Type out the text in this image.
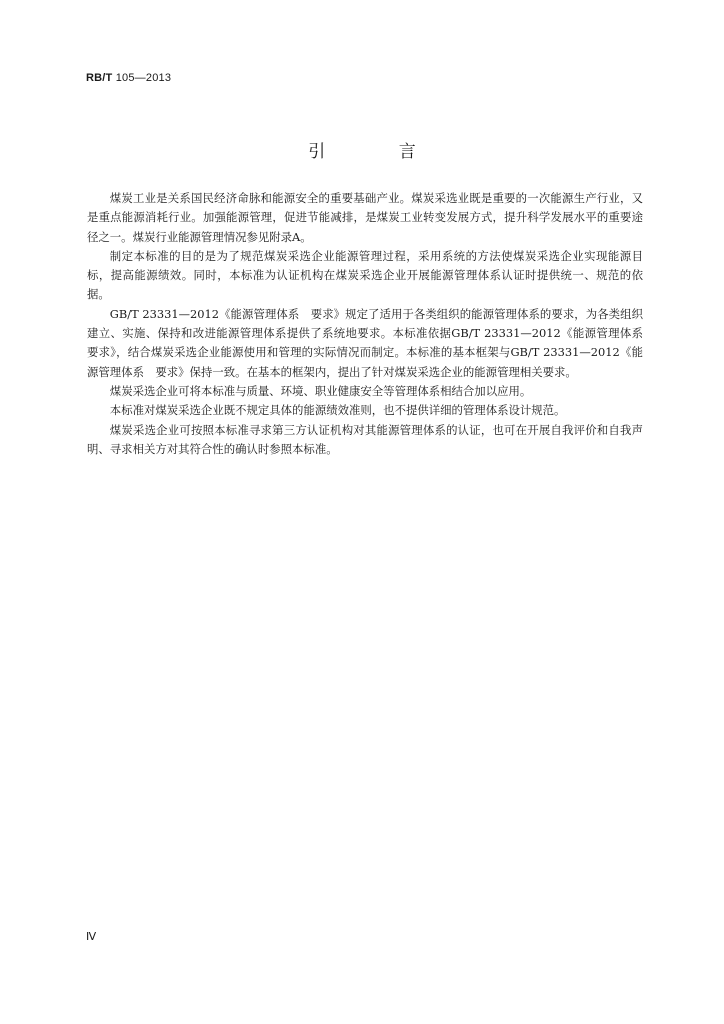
RB/T 105—2013
引 言

煤炭工业是关系国民经济命脉和能源安全的重要基础产业。煤炭采选业既是重要的一次能源生产行业，又是重点能源消耗行业。加强能源管理，促进节能减排，是煤炭工业转变发展方式，提升科学发展水平的重要途径之一。煤炭行业能源管理情况参见附录A。

制定本标准的目的是为了规范煤炭采选企业能源管理过程，采用系统的方法使煤炭采选企业实现能源目标，提高能源绩效。同时，本标准为认证机构在煤炭采选企业开展能源管理体系认证时提供统一、规范的依据。

GB/T 23331—2012《能源管理体系　要求》规定了适用于各类组织的能源管理体系的要求，为各类组织建立、实施、保持和改进能源管理体系提供了系统地要求。本标准依据GB/T 23331—2012《能源管理体系　要求》，结合煤炭采选企业能源使用和管理的实际情况而制定。本标准的基本框架与GB/T 23331—2012《能源管理体系　要求》保持一致。在基本的框架内，提出了针对煤炭采选企业的能源管理相关要求。

煤炭采选企业可将本标准与质量、环境、职业健康安全等管理体系相结合加以应用。

本标准对煤炭采选企业既不规定具体的能源绩效准则，也不提供详细的管理体系设计规范。

煤炭采选企业可按照本标准寻求第三方认证机构对其能源管理体系的认证，也可在开展自我评价和自我声明、寻求相关方对其符合性的确认时参照本标准。

Ⅳ
